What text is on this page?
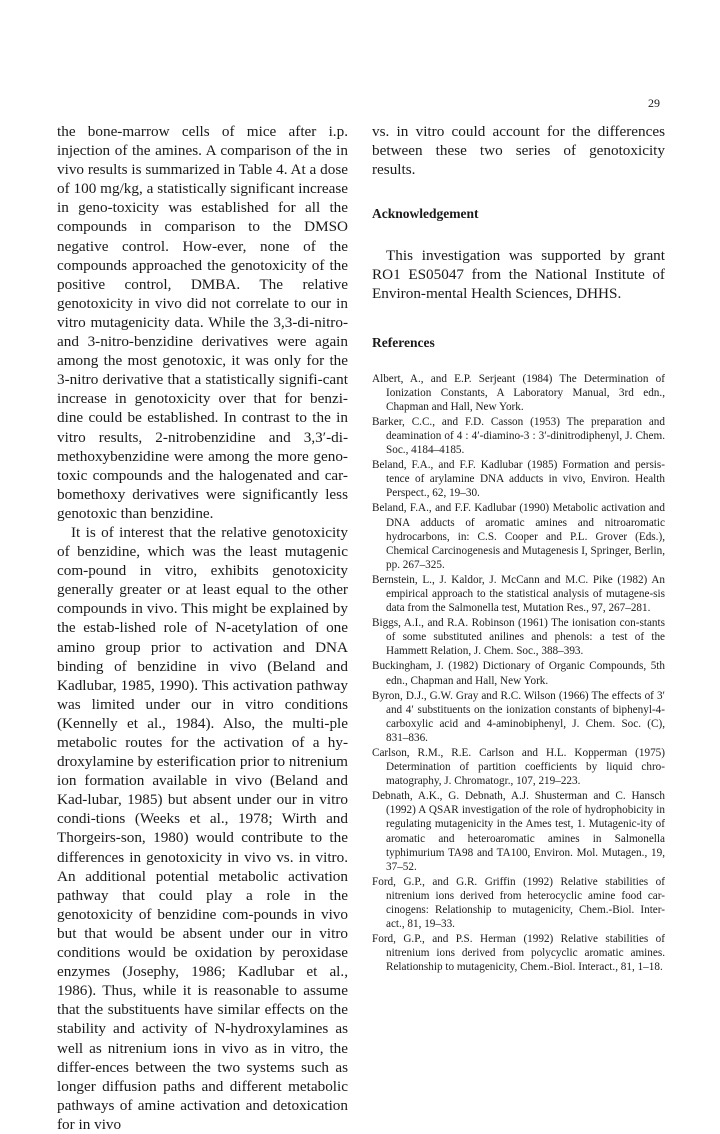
29

the bone-marrow cells of mice after i.p. injection of the amines. A comparison of the in vivo results is summarized in Table 4. At a dose of 100 mg/kg, a statistically significant increase in geno-toxicity was established for all the compounds in comparison to the DMSO negative control. How-ever, none of the compounds approached the genotoxicity of the positive control, DMBA. The relative genotoxicity in vivo did not correlate to our in vitro mutagenicity data. While the 3,3-di-nitro- and 3-nitro-benzidine derivatives were again among the most genotoxic, it was only for the 3-nitro derivative that a statistically signifi-cant increase in genotoxicity over that for benzi-dine could be established. In contrast to the in vitro results, 2-nitrobenzidine and 3,3′-di-methoxybenzidine were among the more geno-toxic compounds and the halogenated and car-bomethoxy derivatives were significantly less genotoxic than benzidine.

It is of interest that the relative genotoxicity of benzidine, which was the least mutagenic com-pound in vitro, exhibits genotoxicity generally greater or at least equal to the other compounds in vivo. This might be explained by the estab-lished role of N-acetylation of one amino group prior to activation and DNA binding of benzidine in vivo (Beland and Kadlubar, 1985, 1990). This activation pathway was limited under our in vitro conditions (Kennelly et al., 1984). Also, the multi-ple metabolic routes for the activation of a hy-droxylamine by esterification prior to nitrenium ion formation available in vivo (Beland and Kad-lubar, 1985) but absent under our in vitro condi-tions (Weeks et al., 1978; Wirth and Thorgeirs-son, 1980) would contribute to the differences in genotoxicity in vivo vs. in vitro. An additional potential metabolic activation pathway that could play a role in the genotoxicity of benzidine com-pounds in vivo but that would be absent under our in vitro conditions would be oxidation by peroxidase enzymes (Josephy, 1986; Kadlubar et al., 1986). Thus, while it is reasonable to assume that the substituents have similar effects on the stability and activity of N-hydroxylamines as well as nitrenium ions in vivo as in vitro, the differ-ences between the two systems such as longer diffusion paths and different metabolic pathways of amine activation and detoxication for in vivo

vs. in vitro could account for the differences between these two series of genotoxicity results.

Acknowledgement

This investigation was supported by grant RO1 ES05047 from the National Institute of Environ-mental Health Sciences, DHHS.

References

Albert, A., and E.P. Serjeant (1984) The Determination of Ionization Constants, A Laboratory Manual, 3rd edn., Chapman and Hall, New York.

Barker, C.C., and F.D. Casson (1953) The preparation and deamination of 4 : 4′-diamino-3 : 3′-dinitrodiphenyl, J. Chem. Soc., 4184–4185.

Beland, F.A., and F.F. Kadlubar (1985) Formation and persis-tence of arylamine DNA adducts in vivo, Environ. Health Perspect., 62, 19–30.

Beland, F.A., and F.F. Kadlubar (1990) Metabolic activation and DNA adducts of aromatic amines and nitroaromatic hydrocarbons, in: C.S. Cooper and P.L. Grover (Eds.), Chemical Carcinogenesis and Mutagenesis I, Springer, Berlin, pp. 267–325.

Bernstein, L., J. Kaldor, J. McCann and M.C. Pike (1982) An empirical approach to the statistical analysis of mutagene-sis data from the Salmonella test, Mutation Res., 97, 267–281.

Biggs, A.I., and R.A. Robinson (1961) The ionisation con-stants of some substituted anilines and phenols: a test of the Hammett Relation, J. Chem. Soc., 388–393.

Buckingham, J. (1982) Dictionary of Organic Compounds, 5th edn., Chapman and Hall, New York.

Byron, D.J., G.W. Gray and R.C. Wilson (1966) The effects of 3′ and 4′ substituents on the ionization constants of biphenyl-4-carboxylic acid and 4-aminobiphenyl, J. Chem. Soc. (C), 831–836.

Carlson, R.M., R.E. Carlson and H.L. Kopperman (1975) Determination of partition coefficients by liquid chro-matography, J. Chromatogr., 107, 219–223.

Debnath, A.K., G. Debnath, A.J. Shusterman and C. Hansch (1992) A QSAR investigation of the role of hydrophobicity in regulating mutagenicity in the Ames test, 1. Mutagenic-ity of aromatic and heteroaromatic amines in Salmonella typhimurium TA98 and TA100, Environ. Mol. Mutagen., 19, 37–52.

Ford, G.P., and G.R. Griffin (1992) Relative stabilities of nitrenium ions derived from heterocyclic amine food car-cinogens: Relationship to mutagenicity, Chem.-Biol. Inter-act., 81, 19–33.

Ford, G.P., and P.S. Herman (1992) Relative stabilities of nitrenium ions derived from polycyclic aromatic amines. Relationship to mutagenicity, Chem.-Biol. Interact., 81, 1–18.
